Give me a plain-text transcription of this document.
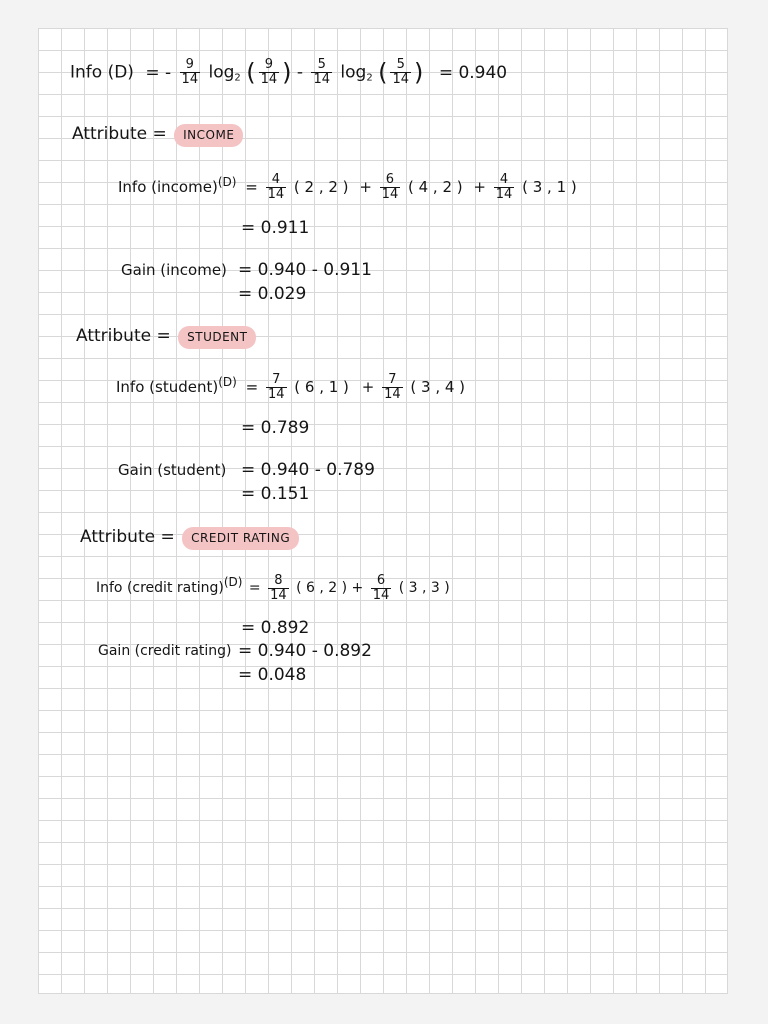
Info (D) = - $\frac{9}{14} \log_2$ ( $\frac{9}{14}$ ) - $\frac{5}{14} \log_2$ ( $\frac{5}{14}$ ) = 0.940
Attribute = INCOME
Info (income)$^{(D)}$ = $\frac{4}{14}$ ( 2 , 2 ) + $\frac{6}{14}$ ( 4 , 2 ) + $\frac{4}{14}$ ( 3 , 1 )
= 0.911
Gain (income) = 0.940 - 0.911
= 0.029
Attribute = STUDENT
Info (student)$^{(D)}$ = $\frac{7}{14}$ ( 6 , 1 ) + $\frac{7}{14}$ ( 3 , 4 )
= 0.789
Gain (student) = 0.940 - 0.789
= 0.151
Attribute = CREDIT RATING
Info (credit rating)(D) = $\frac{8}{14}$ ( 6 , 2 ) + $\frac{6}{14}$ ( 3 , 3 )
= 0.892
Gain (credit rating) = 0.940 - 0.892
= 0.048
